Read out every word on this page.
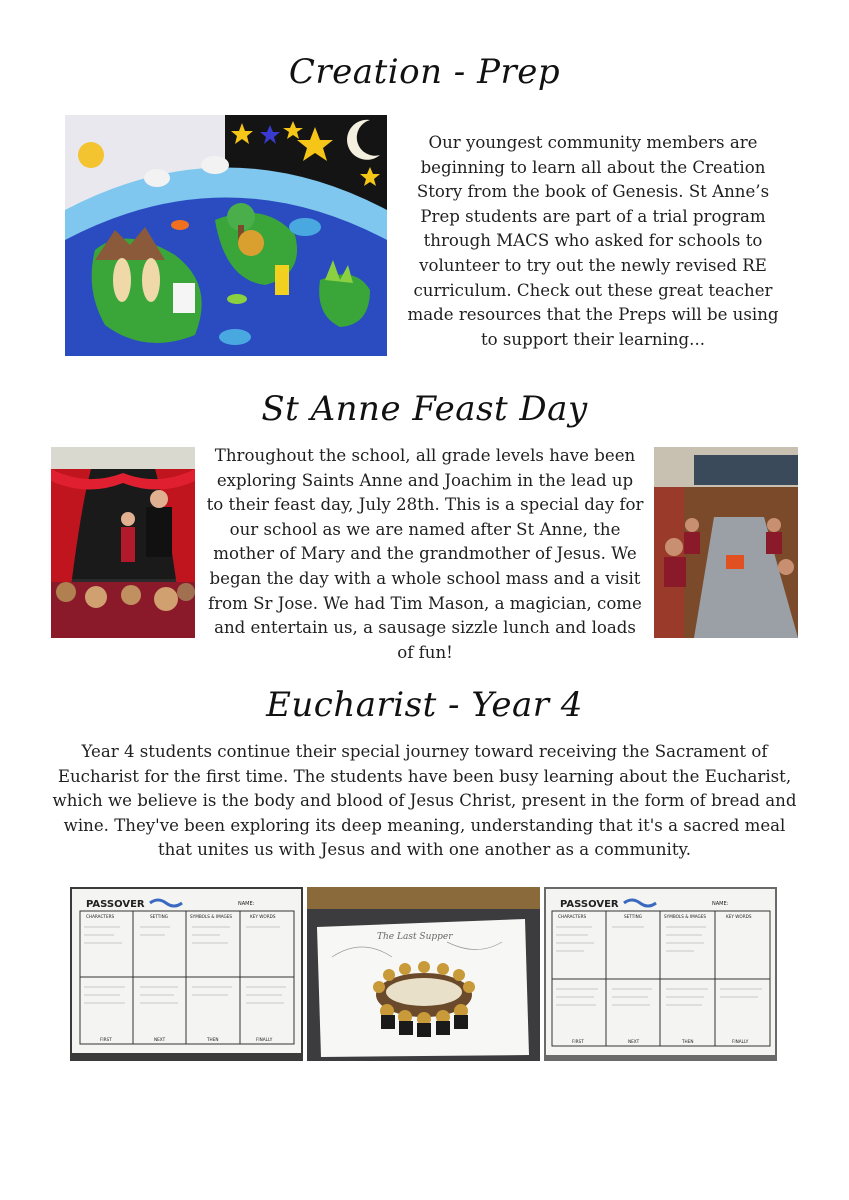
Creation - Prep

Our youngest community members are beginning to learn all about the Creation Story from the book of Genesis. St Anne’s Prep students are part of a trial program through MACS who asked for schools to volunteer to try out the newly revised RE curriculum. Check out these great teacher made resources that the Preps will be using to support their learning...

St Anne Feast Day

Throughout the school, all grade levels have been exploring Saints Anne and Joachim in the lead up to their feast day, July 28th. This is a special day for our school as we are named after St Anne, the mother of Mary and the grandmother of Jesus. We began the day with a whole school mass and a visit from Sr Jose. We had Tim Mason, a magician, come and entertain us, a sausage sizzle lunch and loads of fun!

Eucharist - Year 4

Year 4 students continue their special journey toward receiving the Sacrament of Eucharist for the first time. The students have been busy learning about the Eucharist, which we believe is the body and blood of Jesus Christ, present in the form of bread and wine. They've been exploring its deep meaning, understanding that it's a sacred meal that unites us with Jesus and with one another as a community.

PASSOVER	NAME:
CHARACTERS	SETTING	SYMBOLS & IMAGES	KEY WORDS
FIRST	NEXT	THEN	FINALLY
The Last Supper
PASSOVER	NAME:
CHARACTERS	SETTING	SYMBOLS & IMAGES	KEY WORDS
FIRST	NEXT	THEN	FINALLY
